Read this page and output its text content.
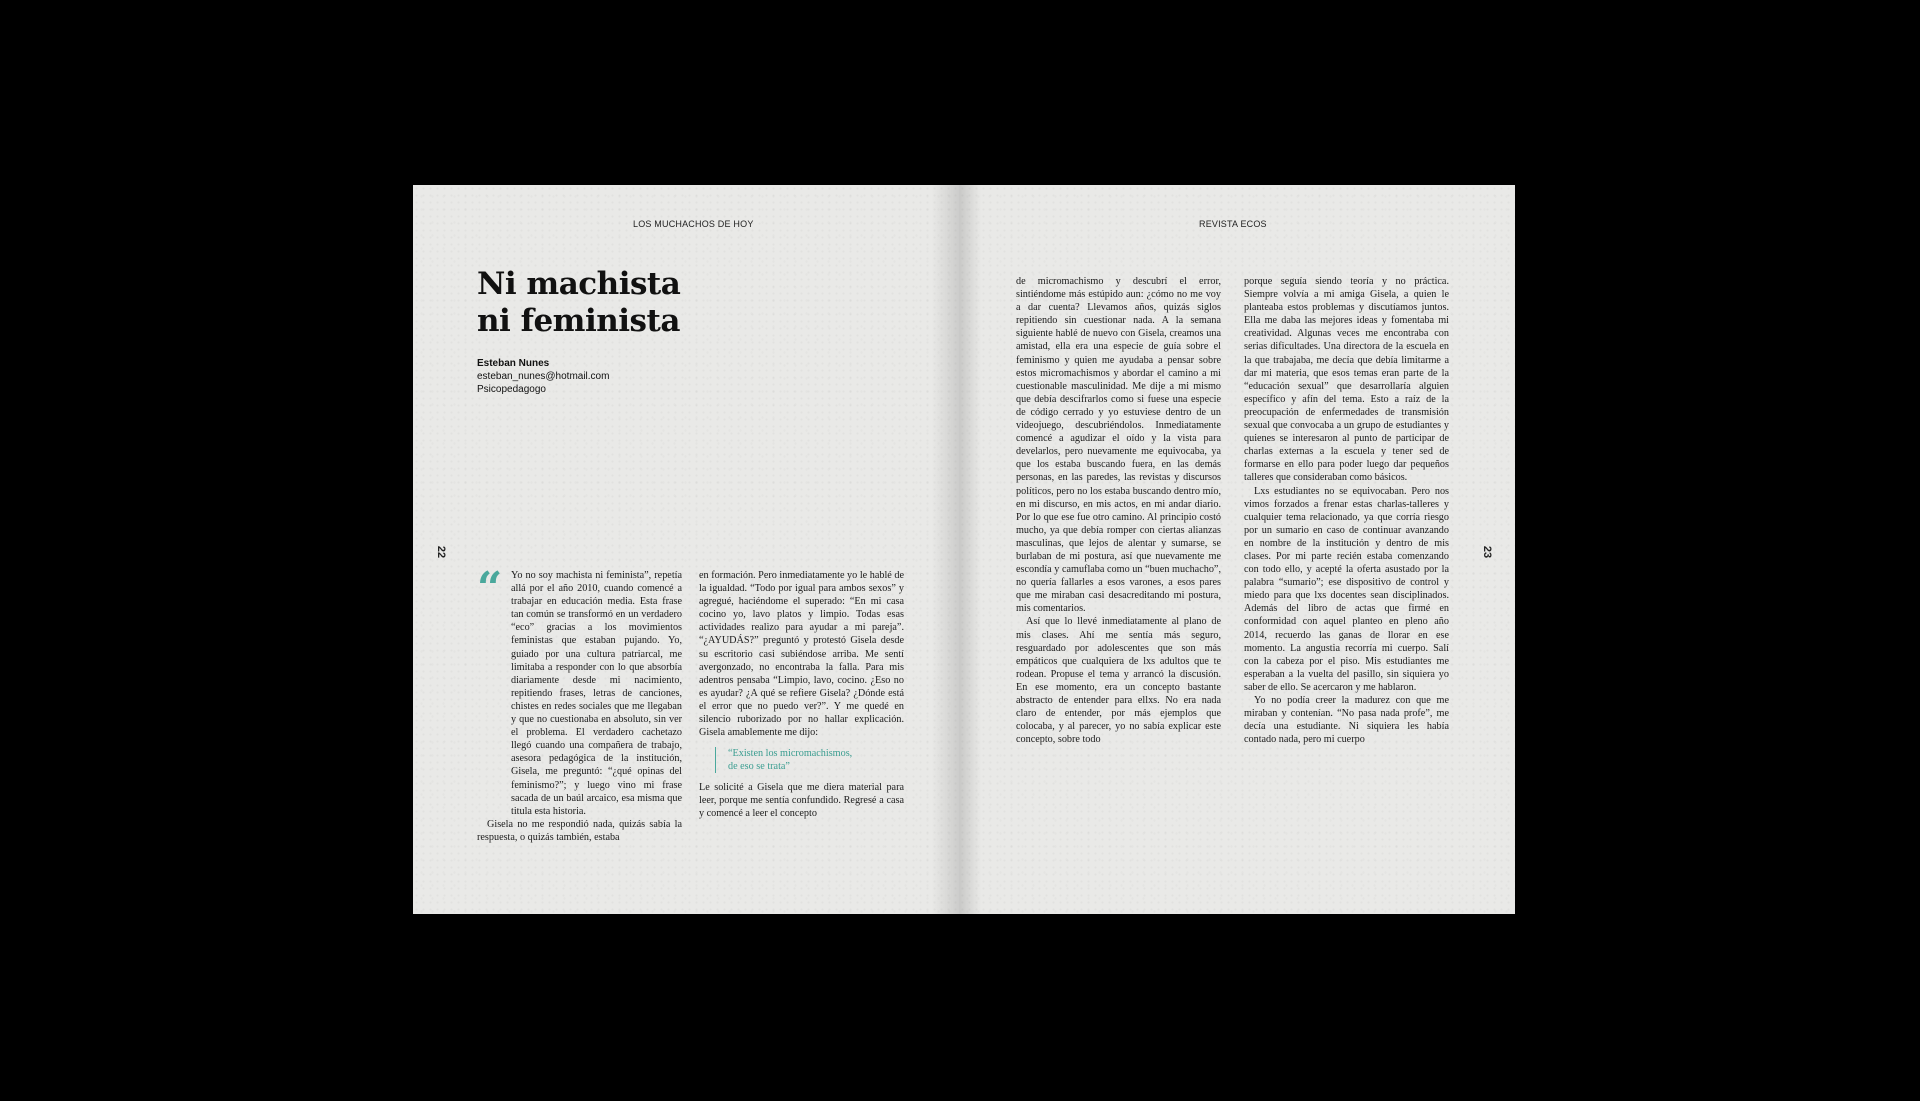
LOS MUCHACHOS DE HOY
22
Ni machista
ni feminista
Esteban Nunes
esteban_nunes@hotmail.com
Psicopedagogo
“ Yo no soy machista ni feminista”, repetía allá por el año 2010, cuando comencé a trabajar en educación media. Esta frase tan común se transformó en un verdadero “eco” gracias a los movimientos feministas que estaban pujando. Yo, guiado por una cultura patriarcal, me limitaba a responder con lo que absorbía diariamente desde mi nacimiento, repitiendo frases, letras de canciones, chistes en redes sociales que me llegaban y que no cuestionaba en absoluto, sin ver el problema. El verdadero cachetazo llegó cuando una compañera de trabajo, asesora pedagógica de la institución, Gisela, me preguntó: “¿qué opinas del feminismo?”; y luego vino mi frase sacada de un baúl arcaico, esa misma que titula esta historia.

Gisela no me respondió nada, quizás sabía la respuesta, o quizás también, estaba

en formación. Pero inmediatamente yo le hablé de la igualdad. “Todo por igual para ambos sexos” y agregué, haciéndome el superado: “En mi casa cocino yo, lavo platos y limpio. Todas esas actividades realizo para ayudar a mi pareja”. “¿AYUDÁS?” preguntó y protestó Gisela desde su escritorio casi subiéndose arriba. Me sentí avergonzado, no encontraba la falla. Para mis adentros pensaba “Limpio, lavo, cocino. ¿Eso no es ayudar? ¿A qué se refiere Gisela? ¿Dónde está el error que no puedo ver?”. Y me quedé en silencio ruborizado por no hallar explicación. Gisela amablemente me dijo:

“Existen los micromachismos,
de eso se trata”

Le solicité a Gisela que me diera material para leer, porque me sentía confundido. Regresé a casa y comencé a leer el concepto

REVISTA ECOS
23

de micromachismo y descubrí el error, sintiéndome más estúpido aun: ¿cómo no me voy a dar cuenta? Llevamos años, quizás siglos repitiendo sin cuestionar nada. A la semana siguiente hablé de nuevo con Gisela, creamos una amistad, ella era una especie de guía sobre el feminismo y quien me ayudaba a pensar sobre estos micromachismos y abordar el camino a mi cuestionable masculinidad. Me dije a mi mismo que debía descifrarlos como si fuese una especie de código cerrado y yo estuviese dentro de un videojuego, descubriéndolos. Inmediatamente comencé a agudizar el oído y la vista para develarlos, pero nuevamente me equivocaba, ya que los estaba buscando fuera, en las demás personas, en las paredes, las revistas y discursos políticos, pero no los estaba buscando dentro mío, en mi discurso, en mis actos, en mi andar diario. Por lo que ese fue otro camino. Al principio costó mucho, ya que debía romper con ciertas alianzas masculinas, que lejos de alentar y sumarse, se burlaban de mi postura, así que nuevamente me escondía y camuflaba como un “buen muchacho”, no quería fallarles a esos varones, a esos pares que me miraban casi desacreditando mi postura, mis comentarios.

Así que lo llevé inmediatamente al plano de mis clases. Ahí me sentía más seguro, resguardado por adolescentes que son más empáticos que cualquiera de lxs adultos que te rodean. Propuse el tema y arrancó la discusión. En ese momento, era un concepto bastante abstracto de entender para ellxs. No era nada claro de entender, por más ejemplos que colocaba, y al parecer, yo no sabía explicar este concepto, sobre todo

porque seguía siendo teoría y no práctica. Siempre volvía a mi amiga Gisela, a quien le planteaba estos problemas y discutíamos juntos. Ella me daba las mejores ideas y fomentaba mi creatividad. Algunas veces me encontraba con serias dificultades. Una directora de la escuela en la que trabajaba, me decía que debía limitarme a dar mi materia, que esos temas eran parte de la “educación sexual” que desarrollaría alguien específico y afín del tema. Esto a raíz de la preocupación de enfermedades de transmisión sexual que convocaba a un grupo de estudiantes y quienes se interesaron al punto de participar de charlas externas a la escuela y tener sed de formarse en ello para poder luego dar pequeños talleres que consideraban como básicos.

Lxs estudiantes no se equivocaban. Pero nos vimos forzados a frenar estas charlas-talleres y cualquier tema relacionado, ya que corría riesgo por un sumario en caso de continuar avanzando en nombre de la institución y dentro de mis clases. Por mi parte recién estaba comenzando con todo ello, y acepté la oferta asustado por la palabra “sumario”; ese dispositivo de control y miedo para que lxs docentes sean disciplinados. Además del libro de actas que firmé en conformidad con aquel planteo en pleno año 2014, recuerdo las ganas de llorar en ese momento. La angustia recorría mi cuerpo. Salí con la cabeza por el piso. Mis estudiantes me esperaban a la vuelta del pasillo, sin siquiera yo saber de ello. Se acercaron y me hablaron.

Yo no podía creer la madurez con que me miraban y contenían. “No pasa nada profe”, me decía una estudiante. Ni siquiera les había contado nada, pero mi cuerpo
